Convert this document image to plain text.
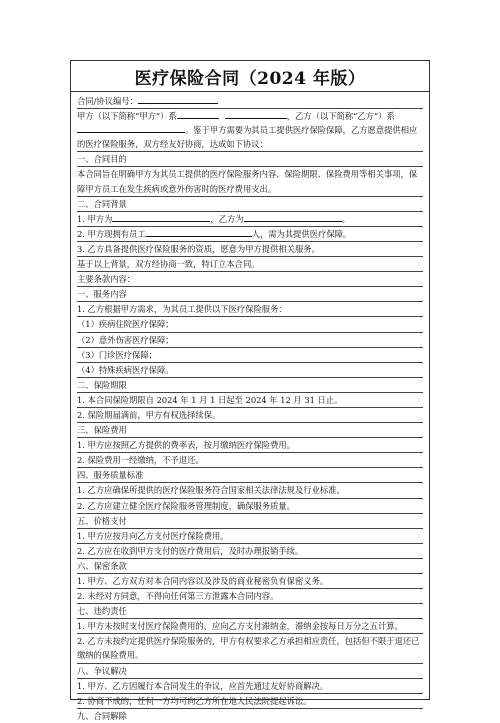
医疗保险合同（2024 年版）
合同/协议编号：
甲方（以下简称“甲方”）系	，乙方（以下简称“乙方”）系。鉴于甲方需要为其员工提供医疗保险保障，乙方愿意提供相应的医疗保险服务，双方经友好协商，达成如下协议：
一、合同目的
本合同旨在明确甲方为其员工提供的医疗保险服务内容、保险期限、保险费用等相关事项，保障甲方员工在发生疾病或意外伤害时的医疗费用支出。
二、合同背景
1. 甲方为	，乙方为	。
2. 甲方现拥有员工	人，需为其提供医疗保障。
3. 乙方具备提供医疗保险服务的资质，愿意为甲方提供相关服务。
基于以上背景，双方经协商一致，特订立本合同。
主要条款内容：
一、服务内容
1. 乙方根据甲方需求，为其员工提供以下医疗保险服务：
（1）疾病住院医疗保障；
（2）意外伤害医疗保障；
（3）门诊医疗保障；
（4）特殊疾病医疗保障。
二、保险期限
1. 本合同保险期限自 2024 年 1 月 1 日起至 2024 年 12 月 31 日止。
2. 保险期届满前，甲方有权选择续保。
三、保险费用
1. 甲方应按照乙方提供的费率表，按月缴纳医疗保险费用。
2. 保险费用一经缴纳，不予退还。
四、服务质量标准
1. 乙方应确保所提供的医疗保险服务符合国家相关法律法规及行业标准。
2. 乙方应建立健全医疗保险服务管理制度，确保服务质量。
五、价格支付
1. 甲方应按月向乙方支付医疗保险费用。
2. 乙方应在收到甲方支付的医疗费用后，及时办理报销手续。
六、保密条款
1. 甲方、乙方双方对本合同内容以及涉及的商业秘密负有保密义务。
2. 未经对方同意，不得向任何第三方泄露本合同内容。
七、违约责任
1. 甲方未按时支付医疗保险费用的，应向乙方支付滞纳金，滞纳金按每日万分之五计算。
2. 乙方未按约定提供医疗保险服务的，甲方有权要求乙方承担相应责任，包括但不限于退还已缴纳的保险费用。
八、争议解决
1. 甲方、乙方因履行本合同发生的争议，应首先通过友好协商解决。
2. 协商不成的，任何一方均可向乙方所在地人民法院提起诉讼。
九、合同解除
